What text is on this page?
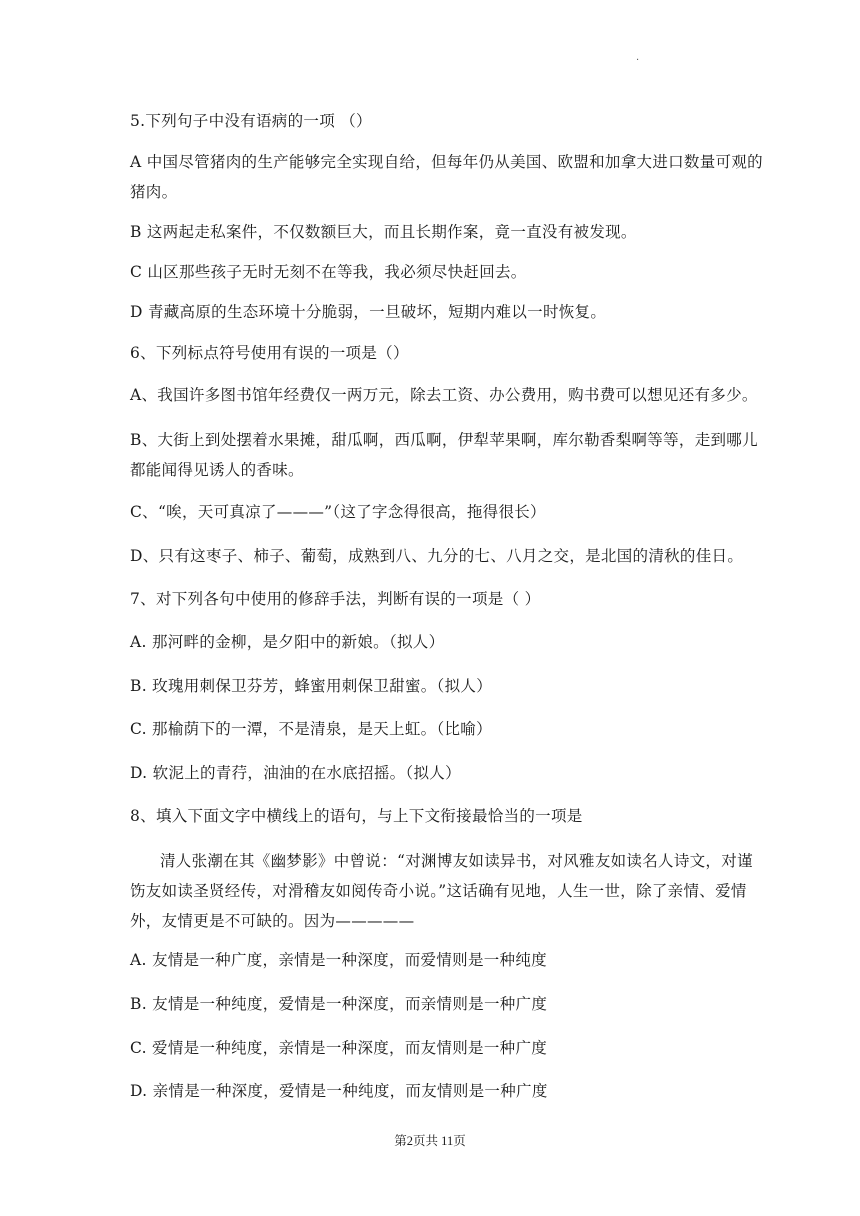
.
5.下列句子中没有语病的一项 （）
A 中国尽管猪肉的生产能够完全实现自给，但每年仍从美国、欧盟和加拿大进口数量可观的
猪肉。
B 这两起走私案件，不仅数额巨大，而且长期作案，竟一直没有被发现。
C 山区那些孩子无时无刻不在等我，我必须尽快赶回去。
D 青藏高原的生态环境十分脆弱，一旦破坏，短期内难以一时恢复。
6、下列标点符号使用有误的一项是（）
A、我国许多图书馆年经费仅一两万元，除去工资、办公费用，购书费可以想见还有多少。
B、大街上到处摆着水果摊，甜瓜啊，西瓜啊，伊犁苹果啊，库尔勒香梨啊等等，走到哪儿
都能闻得见诱人的香味。
C、“唉，天可真凉了———”（这了字念得很高，拖得很长）
D、只有这枣子、柿子、葡萄，成熟到八、九分的七、八月之交，是北国的清秋的佳日。
7、对下列各句中使用的修辞手法，判断有误的一项是（ ）
A. 那河畔的金柳，是夕阳中的新娘。（拟人）
B. 玫瑰用刺保卫芬芳，蜂蜜用刺保卫甜蜜。（拟人）
C. 那榆荫下的一潭，不是清泉，是天上虹。（比喻）
D. 软泥上的青荇，油油的在水底招摇。（拟人）
8、填入下面文字中横线上的语句，与上下文衔接最恰当的一项是
清人张潮在其《幽梦影》中曾说：“对渊博友如读异书，对风雅友如读名人诗文，对谨
饬友如读圣贤经传，对滑稽友如阅传奇小说。”这话确有见地，人生一世，除了亲情、爱情
外，友情更是不可缺的。因为—————
A. 友情是一种广度，亲情是一种深度，而爱情则是一种纯度
B. 友情是一种纯度，爱情是一种深度，而亲情则是一种广度
C. 爱情是一种纯度，亲情是一种深度，而友情则是一种广度
D. 亲情是一种深度，爱情是一种纯度，而友情则是一种广度
第2页共 11页
